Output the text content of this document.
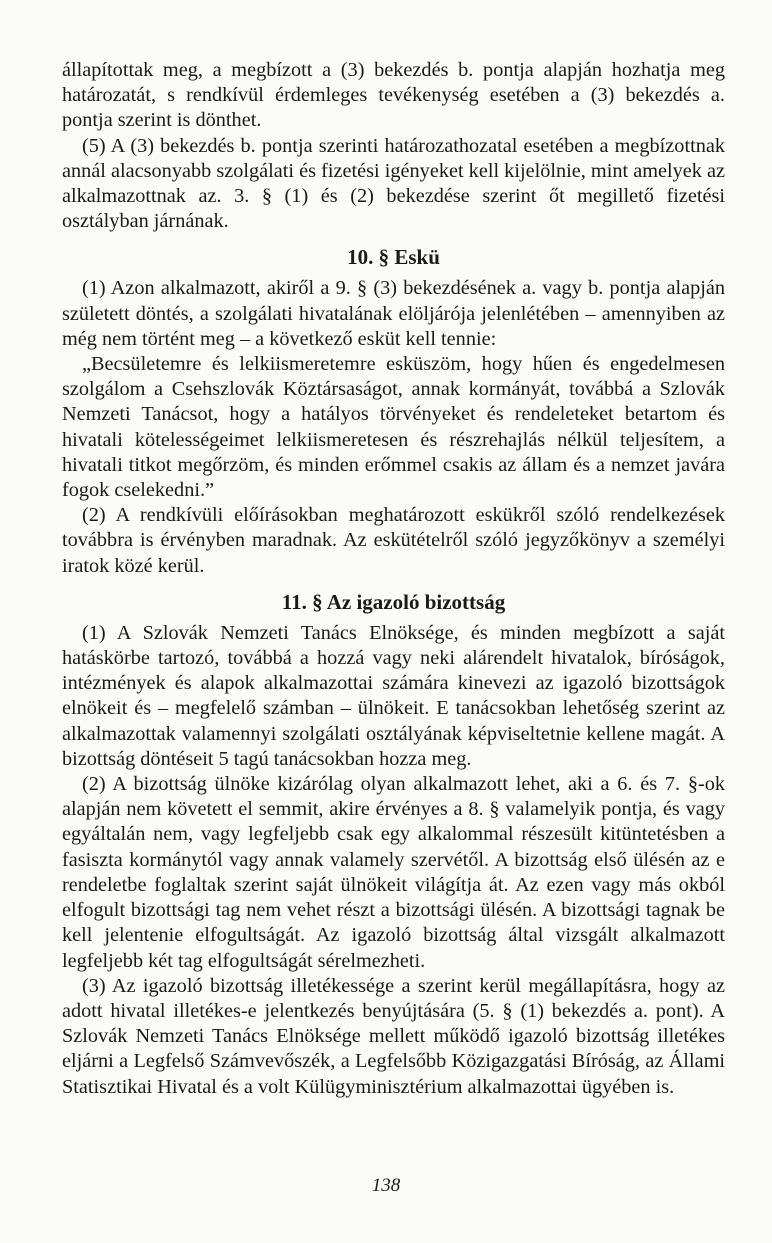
állapítottak meg, a megbízott a (3) bekezdés b. pontja alapján hozhatja meg határozatát, s rendkívül érdemleges tevékenység esetében a (3) bekezdés a. pontja szerint is dönthet.

(5) A (3) bekezdés b. pontja szerinti határozathozatal esetében a megbízottnak annál alacsonyabb szolgálati és fizetési igényeket kell kijelölnie, mint amelyek az alkalmazottnak az. 3. § (1) és (2) bekezdése szerint őt megillető fizetési osztályban járnának.

10. § Eskü

(1) Azon alkalmazott, akiről a 9. § (3) bekezdésének a. vagy b. pontja alapján született döntés, a szolgálati hivatalának elöljárója jelenlétében – amennyiben az még nem történt meg – a következő esküt kell tennie:

„Becsületemre és lelkiismeretemre esküszöm, hogy hűen és engedelmesen szolgálom a Csehszlovák Köztársaságot, annak kormányát, továbbá a Szlovák Nemzeti Tanácsot, hogy a hatályos törvényeket és rendeleteket betartom és hivatali kötelességeimet lelkiismeretesen és részrehajlás nélkül teljesítem, a hivatali titkot megőrzöm, és minden erőmmel csakis az állam és a nemzet javára fogok cselekedni.”

(2) A rendkívüli előírásokban meghatározott eskükről szóló rendelkezések továbbra is érvényben maradnak. Az eskütételről szóló jegyzőkönyv a személyi iratok közé kerül.

11. § Az igazoló bizottság

(1) A Szlovák Nemzeti Tanács Elnöksége, és minden megbízott a saját hatáskörbe tartozó, továbbá a hozzá vagy neki alárendelt hivatalok, bíróságok, intézmények és alapok alkalmazottai számára kinevezi az igazoló bizottságok elnökeit és – megfelelő számban – ülnökeit. E tanácsokban lehetőség szerint az alkalmazottak valamennyi szolgálati osztályának képviseltetnie kellene magát. A bizottság döntéseit 5 tagú tanácsokban hozza meg.

(2) A bizottság ülnöke kizárólag olyan alkalmazott lehet, aki a 6. és 7. §-ok alapján nem követett el semmit, akire érvényes a 8. § valamelyik pontja, és vagy egyáltalán nem, vagy legfeljebb csak egy alkalommal részesült kitüntetésben a fasiszta kormánytól vagy annak valamely szervétől. A bizottság első ülésén az e rendeletbe foglaltak szerint saját ülnökeit világítja át. Az ezen vagy más okból elfogult bizottsági tag nem vehet részt a bizottsági ülésén. A bizottsági tagnak be kell jelentenie elfogultságát. Az igazoló bizottság által vizsgált alkalmazott legfeljebb két tag elfogultságát sérelmezheti.

(3) Az igazoló bizottság illetékessége a szerint kerül megállapításra, hogy az adott hivatal illetékes-e jelentkezés benyújtására (5. § (1) bekezdés a. pont). A Szlovák Nemzeti Tanács Elnöksége mellett működő igazoló bizottság illetékes eljárni a Legfelső Számvevőszék, a Legfelsőbb Közigazgatási Bíróság, az Állami Statisztikai Hivatal és a volt Külügyminisztérium alkalmazottai ügyében is.

138
